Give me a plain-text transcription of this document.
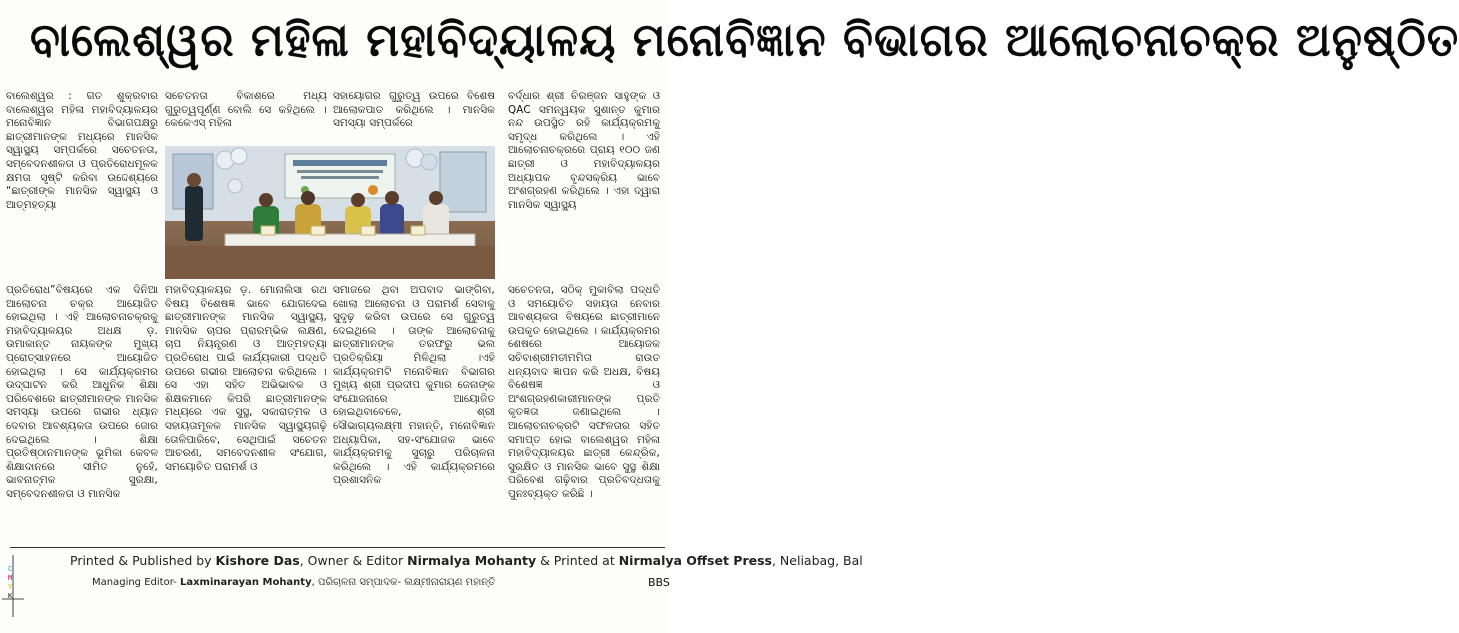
ବାଲେଶ୍ୱର ମହିଳା ମହାବିଦ୍ୟାଳୟ ମନୋବିଜ୍ଞାନ ବିଭାଗର ଆଲୋଚନାଚକ୍ର ଅନୁଷ୍ଠିତ

ବାଲେଶ୍ୱର : ଗତ ଶୁକ୍ରବାର ବାଲେଶ୍ୱର ମହିଳା ମହାବିଦ୍ୟାଳୟର ମନୋବିଜ୍ଞାନ ବିଭାଗପକ୍ଷରୁ ଛାତ୍ରୀମାନଙ୍କ ମଧ୍ୟରେ ମାନସିକ ସ୍ୱାସ୍ଥ୍ୟ ସମ୍ପର୍କରେ ସଚେତନତା, ସମ୍ବେଦନଶୀଳତା ଓ ପ୍ରତିରୋଧମୂଳକ କ୍ଷମତା ସୃଷ୍ଟି କରିବା ଉଦ୍ଦେଶ୍ୟରେ “ଛାତ୍ରୀଙ୍କ ମାନସିକ ସ୍ୱାସ୍ଥ୍ୟ ଓ ଆତ୍ମହତ୍ୟା

ସଚେତନତା ବିକାଶରେ ମଧ୍ୟ ଗୁରୁତ୍ୱପୂର୍ଣ୍ଣ ବୋଲି ସେ କହିଥିଲେ । କେକେଏସ୍ ମହିଳା

ସହାୟୋଗର ଗୁରୁତ୍ୱ ଉପରେ ବିଶେଷ ଆଲୋକପାତ କରିଥିଲେ । ମାନସିକ ସମସ୍ୟା ସମ୍ପର୍କରେ

ବର୍ଦ୍ଧାର ଶ୍ରୀ ଚିରଞ୍ଜନ ସାହୁଙ୍କ ଓ QAC ସମନ୍ୱୟକ ସୁଶାନ୍ତ କୁମାର ନନ୍ଦ ଉପସ୍ଥିତ ରହି କାର୍ଯ୍ୟକ୍ରମକୁ ସମୃଦ୍ଧ କରିଥିଲେ । ଏହି ଆଲୋଚନାଚକ୍ରରେ ପ୍ରାୟ ୧୦୦ ଜଣ ଛାତ୍ରୀ ଓ ମହାବିଦ୍ୟାଳୟର ଅଧ୍ୟାପକ ବୃନ୍ଦସକ୍ରିୟ ଭାବେ ଅଂଶଗ୍ରହଣ କରିଥିଲେ । ଏହା ଦ୍ୱାରା ମାନସିକ ସ୍ୱାସ୍ଥ୍ୟ

ପ୍ରତିରୋଧ”ବିଷୟରେ ଏକ ଦିନିଆ ଆଲୋଚନା ଚକ୍ର ଆୟୋଜିତ ହୋଇଥିଲା । ଏହି ଆଲୋଚନାଚକ୍ରକୁ ମହାବିଦ୍ୟାଳୟର ଅଧକ୍ଷ ଡ଼. ଉମାକାନ୍ତ ନାୟକଙ୍କ ମୁଖ୍ୟ ପ୍ରୋତ୍ସାହନରେ ଆୟୋଜିତ ହୋଇଥିଲା । ସେ କାର୍ଯ୍ୟକ୍ରମର ଉଦ୍‌ଘାଟନ କରି ଆଧୁନିକ ଶିକ୍ଷା ପରିବେଶରେ ଛାତ୍ରୀମାନଙ୍କ ମାନସିକ ସମସ୍ୟା ଉପରେ ଗଭୀର ଧ୍ୟାନ ଦେବାର ଆବଶ୍ୟକତା ଉପରେ ଜୋର ଦେଇଥିଲେ । ଶିକ୍ଷା ପ୍ରତିଷ୍ଠାନମାନଙ୍କ ଭୂମିକା କେବଳ ଶିକ୍ଷାଦାନରେ ସୀମିତ ନୁହେଁ, ଭାବନାତ୍ମକ ସୁରକ୍ଷା, ସମ୍ବେଦନଶୀଳତା ଓ ମାନସିକ

ମହାବିଦ୍ୟାଳୟର ଡ଼. ମୋନାଲିସା ରଥ ବିଷୟ ବିଶେଷଜ୍ଞ ଭାବେ ଯୋଗଦେଇ ଛାତ୍ରୀମାନଙ୍କ ମାନସିକ ସ୍ୱାସ୍ଥ୍ୟ, ମାନସିକ ଚାପର ପ୍ରାରମ୍ଭିକ ଲକ୍ଷଣ, ଚାପ ନିୟନ୍ତ୍ରଣ ଓ ଆତ୍ମହତ୍ୟା ପ୍ରତିରୋଧ ପାଇଁ କାର୍ଯ୍ୟକାରୀ ପଦ୍ଧତି ଉପରେ ଗଭୀର ଆଲୋଚନା କରିଥିଲେ । ସେ ଏହା ସହିତ ଅଭିଭାବକ ଓ ଶିକ୍ଷକମାନେ କିପରି ଛାତ୍ରୀମାନଙ୍କ ମଧ୍ୟରେ ଏକ ସୁସ୍ଥ, ସକାରାତ୍ମକ ଓ ସହାୟତାମୂଳକ ମାନସିକ ସ୍ୱାସ୍ଥ୍ୟଗଢ଼ି ତୋଳିପାରିବେ, ସେଥିପାଇଁ ସଚେତନ ଆଚରଣ, ସମବେଦନଶୀଳ ସଂଯୋଗ, ସମୟୋଚିତ ପରାମର୍ଶ ଓ

ସମାଜରେ ଥିବା ଅପବାଦ ଭାଙ୍ଗିବା, ଖୋଲା ଆଲୋଚନା ଓ ପରାମର୍ଶ ସେବାକୁ ସୁଦୃଢ଼ କରିବା ଉପରେ ସେ ଗୁରୁତ୍ୱ ଦେଇଥିଲେ । ତାଙ୍କ ଆଲୋଚନାକୁ ଛାତ୍ରୀମାନଙ୍କ ତରଫରୁ ଭଲ ପ୍ରତିକ୍ରିୟା ମିଳିଥିଲା ।ଏହି କାର୍ଯ୍ୟକ୍ରମଟି ମନୋବିଜ୍ଞାନ ବିଭାଗର ମୁଖ୍ୟ ଶ୍ରୀ ପ୍ରଦୀପ କୁମାର ଜେନାଙ୍କ ସଂଯୋଜନାରେ ଆୟୋଜିତ ହୋଇଥିବାବେଳେ, ଶ୍ରୀ ସୌଭାଗ୍ୟଲକ୍ଷ୍ମୀ ମହାନ୍ତି, ମନୋବିଜ୍ଞାନ ଅଧ୍ୟାପିକା, ସହ-ସଂଯୋଜକ ଭାବେ କାର୍ଯ୍ୟକ୍ରମକୁ ସୁଚାରୁ ପରିଚାଳନା କରିଥିଲେ । ଏହି କାର୍ଯ୍ୟକ୍ରମରେ ପ୍ରଶାସନିକ

ସଚେତନତା, ସଠିକ୍ ମୁକାବିଲା ପଦ୍ଧତି ଓ ସମୟୋଚିତ ସହାୟତା ନେବାର ଆବଶ୍ୟକତା ବିଷୟରେ ଛାତ୍ରୀମାନେ ଉପକୃତ ହୋଇଥିଲେ । କାର୍ଯ୍ୟକ୍ରମର ଶେଷରେ ଆୟୋଜକ ସଚିବାଶ୍ରୀମତୀମମିତା ରାଉତ ଧନ୍ୟବାଦ ଜ୍ଞାପନ କରି ଅଧକ୍ଷ, ବିଷୟ ବିଶେଷଜ୍ଞ ଓ ଅଂଶଗ୍ରହଣକାରୀମାନଙ୍କ ପ୍ରତି କୃତଜ୍ଞତା ଜଣାଇଥିଲେ । ଆଲୋଚନାଚକ୍ରଟି ସଫଳତାର ସହିତ ସମାପ୍ତ ହୋଇ ବାଲେଶ୍ୱର ମହିଳା ମହାବିଦ୍ୟାଳୟର ଛାତ୍ରୀ କେନ୍ଦ୍ରିକ, ସୁରକ୍ଷିତ ଓ ମାନସିକ ଭାବେ ସୁସ୍ଥ ଶିକ୍ଷା ପରିବେଶ ଗଢ଼ିବାର ପ୍ରତିବଦ୍ଧତାକୁ ପୁନଃବ୍ୟକ୍ତ କରିଛି ।

Printed & Published by Kishore Das, Owner & Editor Nirmalya Mohanty & Printed at Nirmalya Offset Press, Neliabag, Bal
Managing Editor- Laxminarayan Mohanty, ପରିଚାଳନା ସମ୍ପାଦକ- ଲକ୍ଷ୍ମୀନାରାୟଣ ମହାନ୍ତି	BBS
C
M
Y
K
